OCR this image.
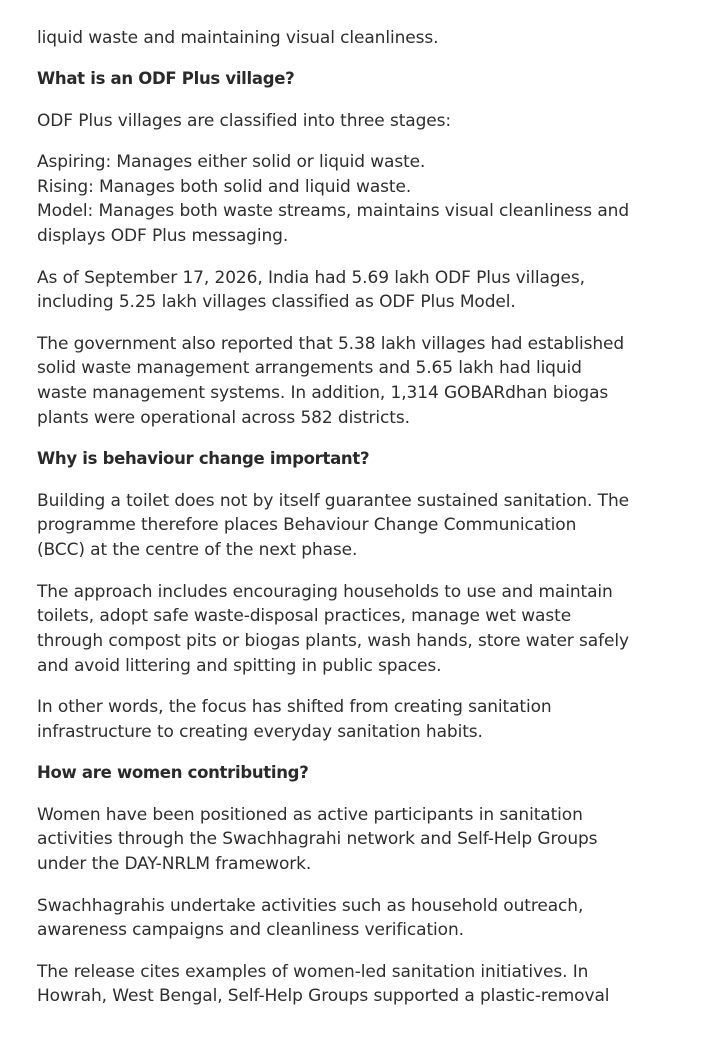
liquid waste and maintaining visual cleanliness.

What is an ODF Plus village?

ODF Plus villages are classified into three stages:

Aspiring: Manages either solid or liquid waste.
Rising: Manages both solid and liquid waste.
Model: Manages both waste streams, maintains visual cleanliness and
displays ODF Plus messaging.

As of September 17, 2026, India had 5.69 lakh ODF Plus villages,
including 5.25 lakh villages classified as ODF Plus Model.

The government also reported that 5.38 lakh villages had established
solid waste management arrangements and 5.65 lakh had liquid
waste management systems. In addition, 1,314 GOBARdhan biogas
plants were operational across 582 districts.

Why is behaviour change important?

Building a toilet does not by itself guarantee sustained sanitation. The
programme therefore places Behaviour Change Communication
(BCC) at the centre of the next phase.

The approach includes encouraging households to use and maintain
toilets, adopt safe waste-disposal practices, manage wet waste
through compost pits or biogas plants, wash hands, store water safely
and avoid littering and spitting in public spaces.

In other words, the focus has shifted from creating sanitation
infrastructure to creating everyday sanitation habits.

How are women contributing?

Women have been positioned as active participants in sanitation
activities through the Swachhagrahi network and Self-Help Groups
under the DAY-NRLM framework.

Swachhagrahis undertake activities such as household outreach,
awareness campaigns and cleanliness verification.

The release cites examples of women-led sanitation initiatives. In
Howrah, West Bengal, Self-Help Groups supported a plastic-removal
